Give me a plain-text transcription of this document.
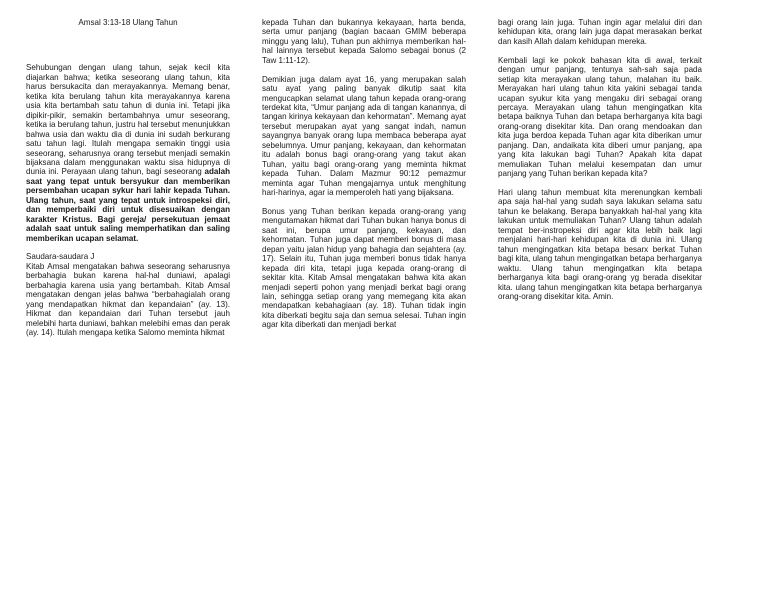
Amsal 3:13-18 Ulang Tahun

Sehubungan dengan ulang tahun, sejak kecil kita diajarkan bahwa; ketika seseorang ulang tahun, kita harus bersukacita dan merayakannya. Memang benar, ketika kita berulang tahun kita merayakannya karena usia kita bertambah satu tahun di dunia ini. Tetapi jika dipikir-pikir, semakin bertambahnya umur seseorang, ketika ia berulang tahun, justru hal tersebut menunjukkan bahwa usia dan waktu dia di dunia ini sudah berkurang satu tahun lagi. Itulah mengapa semakin tinggi usia seseorang, seharusnya orang tersebut menjadi semakin bijaksana dalam menggunakan waktu sisa hidupnya di dunia ini. Perayaan ulang tahun, bagi seseorang adalah saat yang tepat untuk bersyukur dan memberikan persembahan ucapan sykur hari lahir kepada Tuhan. Ulang tahun, saat yang tepat untuk introspeksi diri, dan memperbaiki diri untuk disesuaikan dengan karakter Kristus. Bagi gereja/ persekutuan jemaat adalah saat untuk saling memperhatikan dan saling memberikan ucapan selamat.

Saudara-saudara J

Kitab Amsal mengatakan bahwa seseorang seharusnya berbahagia bukan karena hal-hal duniawi, apalagi berbahagia karena usia yang bertambah. Kitab Amsal mengatakan dengan jelas bahwa “berbahagialah orang yang mendapatkan hikmat dan kepandaian” (ay. 13). Hikmat dan kepandaian dari Tuhan tersebut jauh melebihi harta duniawi, bahkan melebihi emas dan perak (ay. 14). Itulah mengapa ketika Salomo meminta hikmat

kepada Tuhan dan bukannya kekayaan, harta benda, serta umur panjang (bagian bacaan GMIM beberapa minggu yang lalu), Tuhan pun akhirnya memberikan hal-hal lainnya tersebut kepada Salomo sebagai bonus (2 Taw 1:11-12).

Demikian juga dalam ayat 16, yang merupakan salah satu ayat yang paling banyak dikutip saat kita mengucapkan selamat ulang tahun kepada orang-orang terdekat kita, “Umur panjang ada di tangan kanannya, di tangan kirinya kekayaan dan kehormatan”. Memang ayat tersebut merupakan ayat yang sangat indah, namun sayangnya banyak orang lupa membaca beberapa ayat sebelumnya. Umur panjang, kekayaan, dan kehormatan itu adalah bonus bagi orang-orang yang takut akan Tuhan, yaitu bagi orang-orang yang meminta hikmat kepada Tuhan. Dalam Mazmur 90:12 pemazmur meminta agar Tuhan mengajarnya untuk menghitung hari-harinya, agar ia memperoleh hati yang bijaksana.

Bonus yang Tuhan berikan kepada orang-orang yang mengutamakan hikmat dari Tuhan bukan hanya bonus di saat ini, berupa umur panjang, kekayaan, dan kehormatan. Tuhan juga dapat memberi bonus di masa depan yaitu jalan hidup yang bahagia dan sejahtera (ay. 17). Selain itu, Tuhan juga memberi bonus tidak hanya kepada diri kita, tetapi juga kepada orang-orang di sekitar kita. Kitab Amsal mengatakan bahwa kita akan menjadi seperti pohon yang menjadi berkat bagi orang lain, sehingga setiap orang yang memegang kita akan mendapatkan kebahagiaan (ay. 18). Tuhan tidak ingin kita diberkati begitu saja dan semua selesai. Tuhan ingin agar kita diberkati dan menjadi berkat

bagi orang lain juga. Tuhan ingin agar melalui diri dan kehidupan kita, orang lain juga dapat merasakan berkat dan kasih Allah dalam kehidupan mereka.

Kembali lagi ke pokok bahasan kita di awal, terkait dengan umur panjang, tentunya sah-sah saja pada setiap kita merayakan ulang tahun, malahan itu baik. Merayakan hari ulang tahun kita yakini sebagai tanda ucapan syukur kita yang mengaku diri sebagai orang percaya. Merayakan ulang tahun mengingatkan kita betapa baiknya Tuhan dan betapa berharganya kita bagi orang-orang disekitar kita. Dan orang mendoakan dan kita juga berdoa kepada Tuhan agar kita diberikan umur panjang. Dan, andaikata kita diberi umur panjang, apa yang kita lakukan bagi Tuhan? Apakah kita dapat memuliakan Tuhan melalui kesempatan dan umur panjang yang Tuhan berikan kepada kita?

Hari ulang tahun membuat kita merenungkan kembali apa saja hal-hal yang sudah saya lakukan selama satu tahun ke belakang. Berapa banyakkah hal-hal yang kita lakukan untuk memuliakan Tuhan? Ulang tahun adalah tempat ber-instropeksi diri agar kita lebih baik lagi menjalani hari-hari kehidupan kita di dunia ini. Ulang tahun mengingatkan kita betapa besarx berkat Tuhan bagi kita, ulang tahun mengingatkan betapa berharganya waktu. Ulang tahun mengingatkan kita betapa berharganya kita bagi orang-orang yg berada disekitar kita. ulang tahun mengingatkan kita betapa berharganya orang-orang disekitar kita. Amin.
